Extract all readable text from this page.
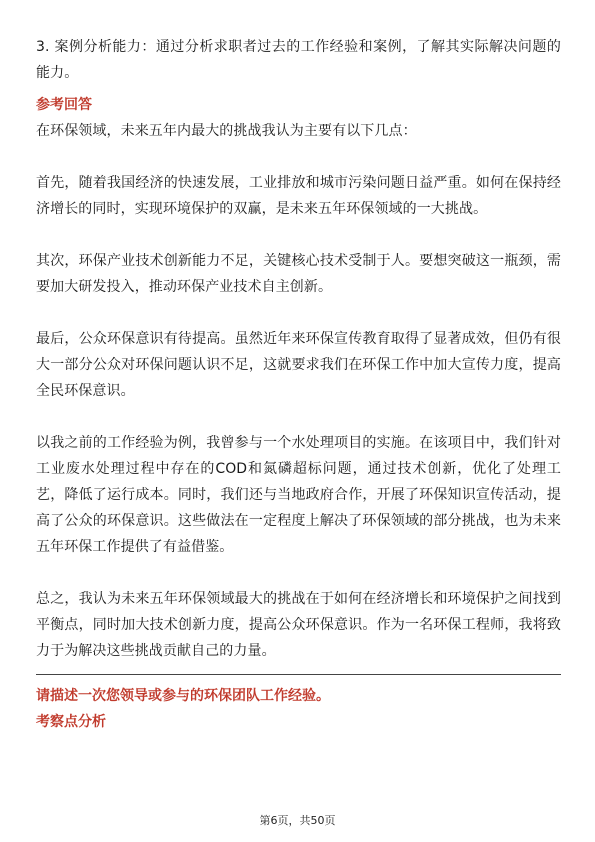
3. 案例分析能力：通过分析求职者过去的工作经验和案例，了解其实际解决问题的能力。

参考回答

在环保领域，未来五年内最大的挑战我认为主要有以下几点：

首先，随着我国经济的快速发展，工业排放和城市污染问题日益严重。如何在保持经济增长的同时，实现环境保护的双赢，是未来五年环保领域的一大挑战。

其次，环保产业技术创新能力不足，关键核心技术受制于人。要想突破这一瓶颈，需要加大研发投入，推动环保产业技术自主创新。

最后，公众环保意识有待提高。虽然近年来环保宣传教育取得了显著成效，但仍有很大一部分公众对环保问题认识不足，这就要求我们在环保工作中加大宣传力度，提高全民环保意识。

以我之前的工作经验为例，我曾参与一个水处理项目的实施。在该项目中，我们针对工业废水处理过程中存在的COD和氮磷超标问题，通过技术创新，优化了处理工艺，降低了运行成本。同时，我们还与当地政府合作，开展了环保知识宣传活动，提高了公众的环保意识。这些做法在一定程度上解决了环保领域的部分挑战，也为未来五年环保工作提供了有益借鉴。

总之，我认为未来五年环保领域最大的挑战在于如何在经济增长和环境保护之间找到平衡点，同时加大技术创新力度，提高公众环保意识。作为一名环保工程师，我将致力于为解决这些挑战贡献自己的力量。

请描述一次您领导或参与的环保团队工作经验。

考察点分析

第6页，共50页
